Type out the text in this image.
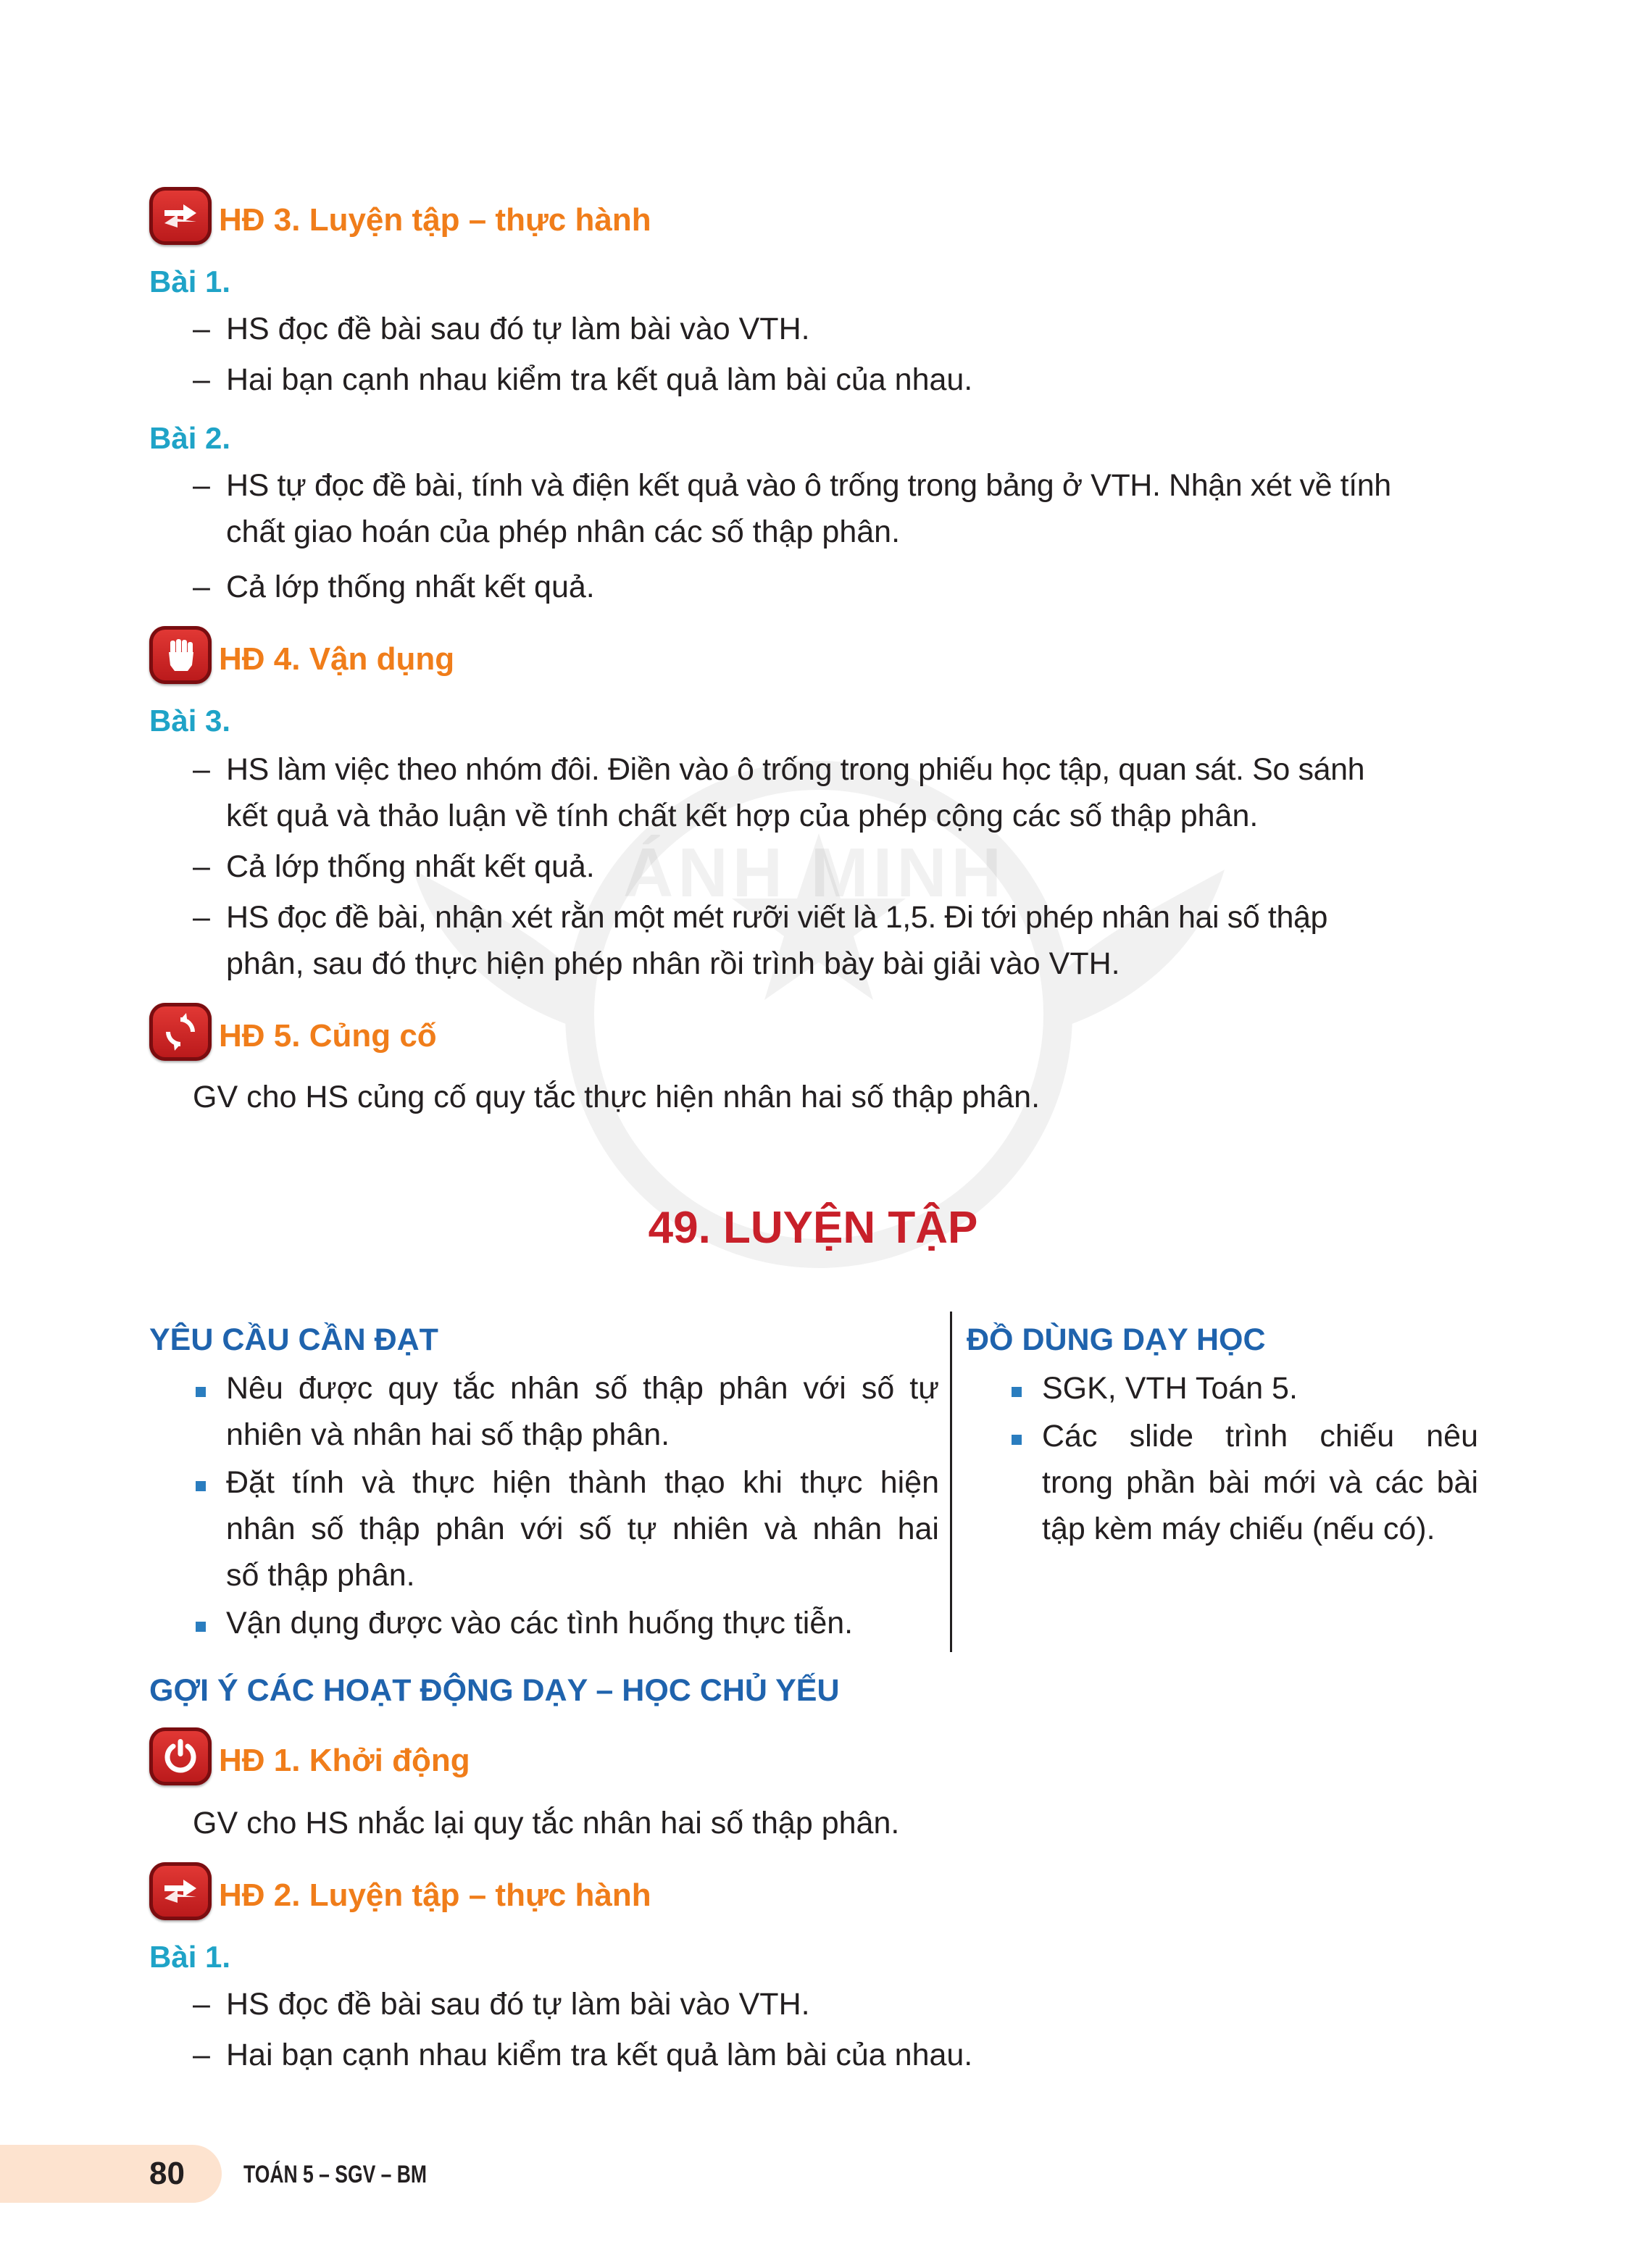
ÁNH MINH
HĐ 3. Luyện tập – thực hành
Bài 1.
– HS đọc đề bài sau đó tự làm bài vào VTH.
– Hai bạn cạnh nhau kiểm tra kết quả làm bài của nhau.
Bài 2.
– HS tự đọc đề bài, tính và điện kết quả vào ô trống trong bảng ở VTH. Nhận xét về tính
chất giao hoán của phép nhân các số thập phân.
– Cả lớp thống nhất kết quả.
HĐ 4. Vận dụng
Bài 3.
– HS làm việc theo nhóm đôi. Điền vào ô trống trong phiếu học tập, quan sát. So sánh
kết quả và thảo luận về tính chất kết hợp của phép cộng các số thập phân.
– Cả lớp thống nhất kết quả.
– HS đọc đề bài, nhận xét rằn một mét rưỡi viết là 1,5. Đi tới phép nhân hai số thập
phân, sau đó thực hiện phép nhân rồi trình bày bài giải vào VTH.
HĐ 5. Củng cố
GV cho HS củng cố quy tắc thực hiện nhân hai số thập phân.
49. LUYỆN TẬP
YÊU CẦU CẦN ĐẠT
Nêu được quy tắc nhân số thập phân với số tự
nhiên và nhân hai số thập phân.
Đặt tính và thực hiện thành thạo khi thực hiện
nhân số thập phân với số tự nhiên và nhân hai
số thập phân.
Vận dụng được vào các tình huống thực tiễn.
ĐỒ DÙNG DẠY HỌC
SGK, VTH Toán 5.
Các slide trình chiếu nêu
trong phần bài mới và các bài
tập kèm máy chiếu (nếu có).
GỢI Ý CÁC HOẠT ĐỘNG DẠY – HỌC CHỦ YẾU
HĐ 1. Khởi động
GV cho HS nhắc lại quy tắc nhân hai số thập phân.
HĐ 2. Luyện tập – thực hành
Bài 1.
– HS đọc đề bài sau đó tự làm bài vào VTH.
– Hai bạn cạnh nhau kiểm tra kết quả làm bài của nhau.
80 TOÁN 5 – SGV – BM
